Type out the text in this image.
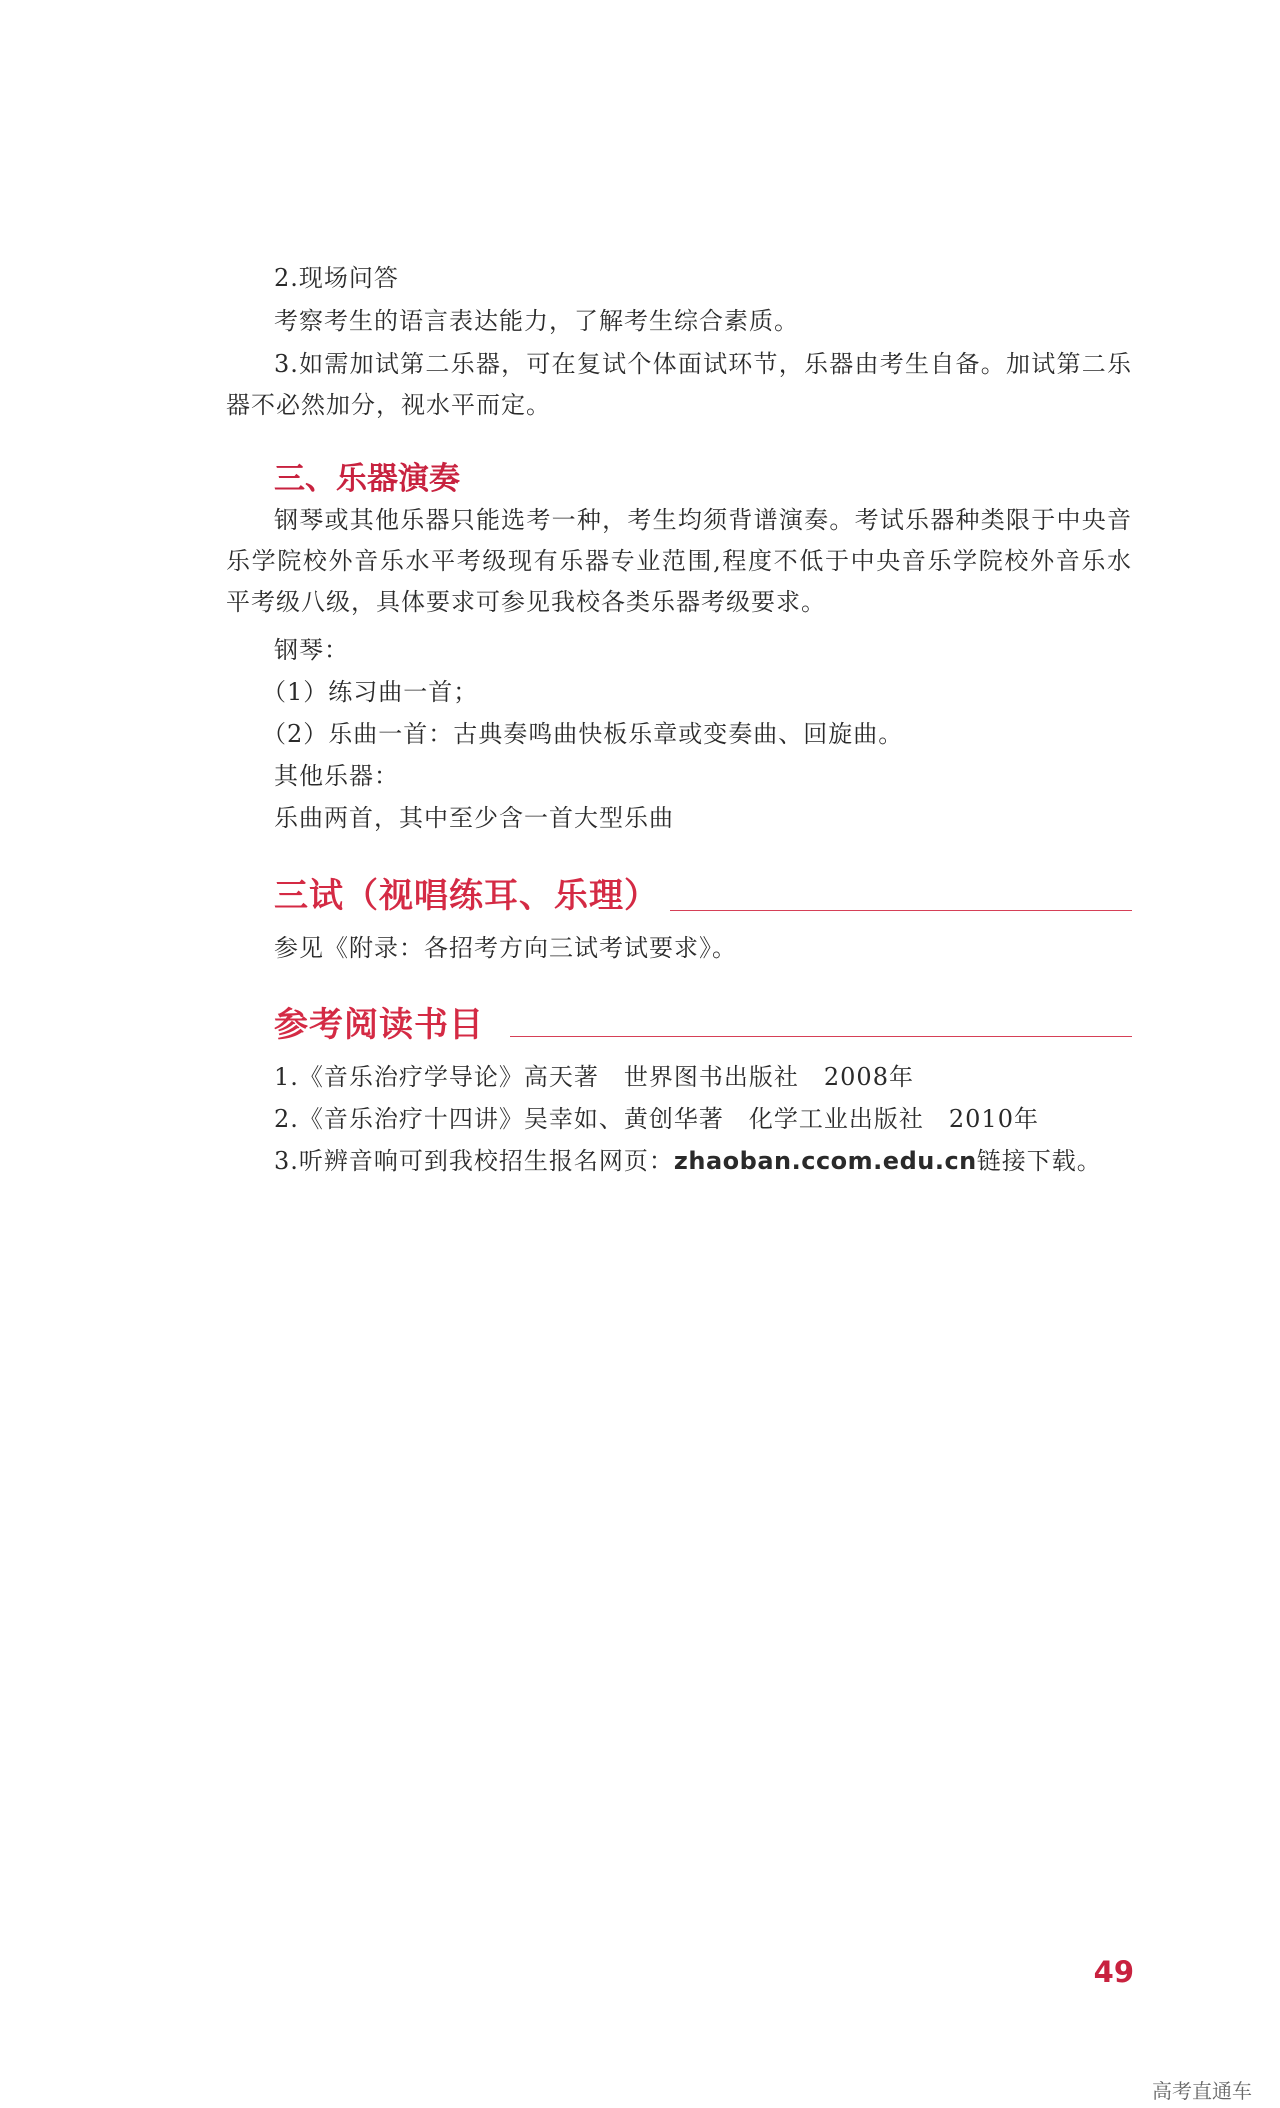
2.现场问答

考察考生的语言表达能力，了解考生综合素质。

3.如需加试第二乐器，可在复试个体面试环节，乐器由考生自备。加试第二乐器不必然加分，视水平而定。

三、乐器演奏

钢琴或其他乐器只能选考一种，考生均须背谱演奏。考试乐器种类限于中央音乐学院校外音乐水平考级现有乐器专业范围,程度不低于中央音乐学院校外音乐水平考级八级，具体要求可参见我校各类乐器考级要求。

钢琴：

（1）练习曲一首；

（2）乐曲一首：古典奏鸣曲快板乐章或变奏曲、回旋曲。

其他乐器：

乐曲两首，其中至少含一首大型乐曲

三试（视唱练耳、乐理）

参见《附录：各招考方向三试考试要求》。

参考阅读书目

1.《音乐治疗学导论》高天著　世界图书出版社　2008年

2.《音乐治疗十四讲》吴幸如、黄创华著　化学工业出版社　2010年

3.听辨音响可到我校招生报名网页：zhaoban.ccom.edu.cn链接下载。

49
高考直通车
